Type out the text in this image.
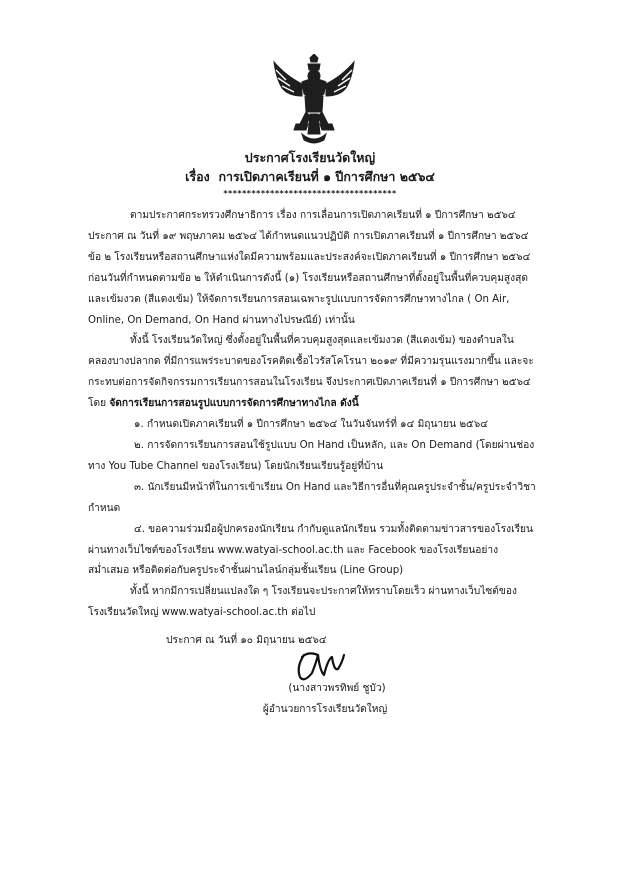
ประกาศโรงเรียนวัดใหญ่
เรื่อง การเปิดภาคเรียนที่ ๑ ปีการศึกษา ๒๕๖๔
*************************************

ตามประกาศกระทรวงศึกษาธิการ เรื่อง การเลื่อนการเปิดภาคเรียนที่ ๑ ปีการศึกษา ๒๕๖๔ ประกาศ ณ วันที่ ๑๙ พฤษภาคม ๒๕๖๔ ได้กำหนดแนวปฏิบัติ การเปิดภาคเรียนที่ ๑ ปีการศึกษา ๒๕๖๔ ข้อ ๒ โรงเรียนหรือสถานศึกษาแห่งใดมีความพร้อมและประสงค์จะเปิดภาคเรียนที่ ๑ ปีการศึกษา ๒๕๖๔ ก่อนวันที่กำหนดตามข้อ ๒ ให้ดำเนินการดังนี้ (๑) โรงเรียนหรือสถานศึกษาที่ตั้งอยู่ในพื้นที่ควบคุมสูงสุดและเข้มงวด (สีแดงเข้ม) ให้จัดการเรียนการสอนเฉพาะรูปแบบการจัดการศึกษาทางไกล ( On Air, Online, On Demand, On Hand ผ่านทางไปรษณีย์) เท่านั้น

ทั้งนี้ โรงเรียนวัดใหญ่ ซึ่งตั้งอยู่ในพื้นที่ควบคุมสูงสุดและเข้มงวด (สีแดงเข้ม) ของตำบลในคลองบางปลากด ที่มีการแพร่ระบาดของโรคติดเชื้อไวรัสโคโรนา ๒๐๑๙ ที่มีความรุนแรงมากขึ้น และจะกระทบต่อการจัดกิจกรรมการเรียนการสอนในโรงเรียน จึงประกาศเปิดภาคเรียนที่ ๑ ปีการศึกษา ๒๕๖๔ โดย จัดการเรียนการสอนรูปแบบการจัดการศึกษาทางไกล ดังนี้

๑. กำหนดเปิดภาคเรียนที่ ๑ ปีการศึกษา ๒๕๖๔ ในวันจันทร์ที่ ๑๔ มิถุนายน ๒๕๖๔

๒. การจัดการเรียนการสอนใช้รูปแบบ On Hand เป็นหลัก, และ On Demand (โดยผ่านช่องทาง You Tube Channel ของโรงเรียน) โดยนักเรียนเรียนรู้อยู่ที่บ้าน

๓. นักเรียนมีหน้าที่ในการเข้าเรียน On Hand และวิธีการอื่นที่คุณครูประจำชั้น/ครูประจำวิชากำหนด

๔. ขอความร่วมมือผู้ปกครองนักเรียน กำกับดูแลนักเรียน รวมทั้งติดตามข่าวสารของโรงเรียนผ่านทางเว็บไซต์ของโรงเรียน www.watyai-school.ac.th และ Facebook ของโรงเรียนอย่างสม่ำเสมอ หรือติดต่อกับครูประจำชั้นผ่านไลน์กลุ่มชั้นเรียน (Line Group)

ทั้งนี้ หากมีการเปลี่ยนแปลงใด ๆ โรงเรียนจะประกาศให้ทราบโดยเร็ว ผ่านทางเว็บไซต์ของโรงเรียนวัดใหญ่ www.watyai-school.ac.th ต่อไป

ประกาศ ณ วันที่ ๑๐ มิถุนายน ๒๕๖๔

(นางสาวพรทิพย์ ชูบัว)
ผู้อำนวยการโรงเรียนวัดใหญ่
